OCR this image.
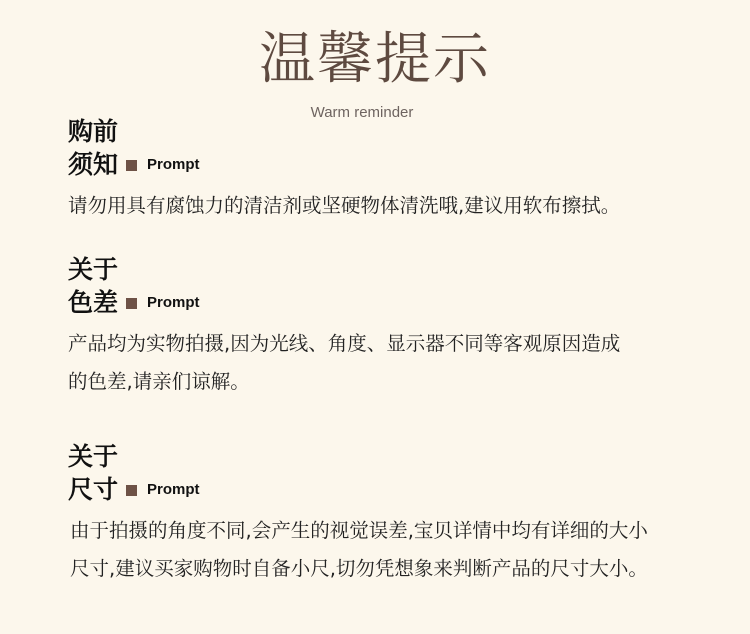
温馨提示
Warm reminder
购前
须知 Prompt
请勿用具有腐蚀力的清洁剂或坚硬物体清洗哦,建议用软布擦拭。
关于
色差 Prompt
产品均为实物拍摄,因为光线、角度、显示器不同等客观原因造成
的色差,请亲们谅解。
关于
尺寸 Prompt
由于拍摄的角度不同,会产生的视觉误差,宝贝详情中均有详细的大小
尺寸,建议买家购物时自备小尺,切勿凭想象来判断产品的尺寸大小。
